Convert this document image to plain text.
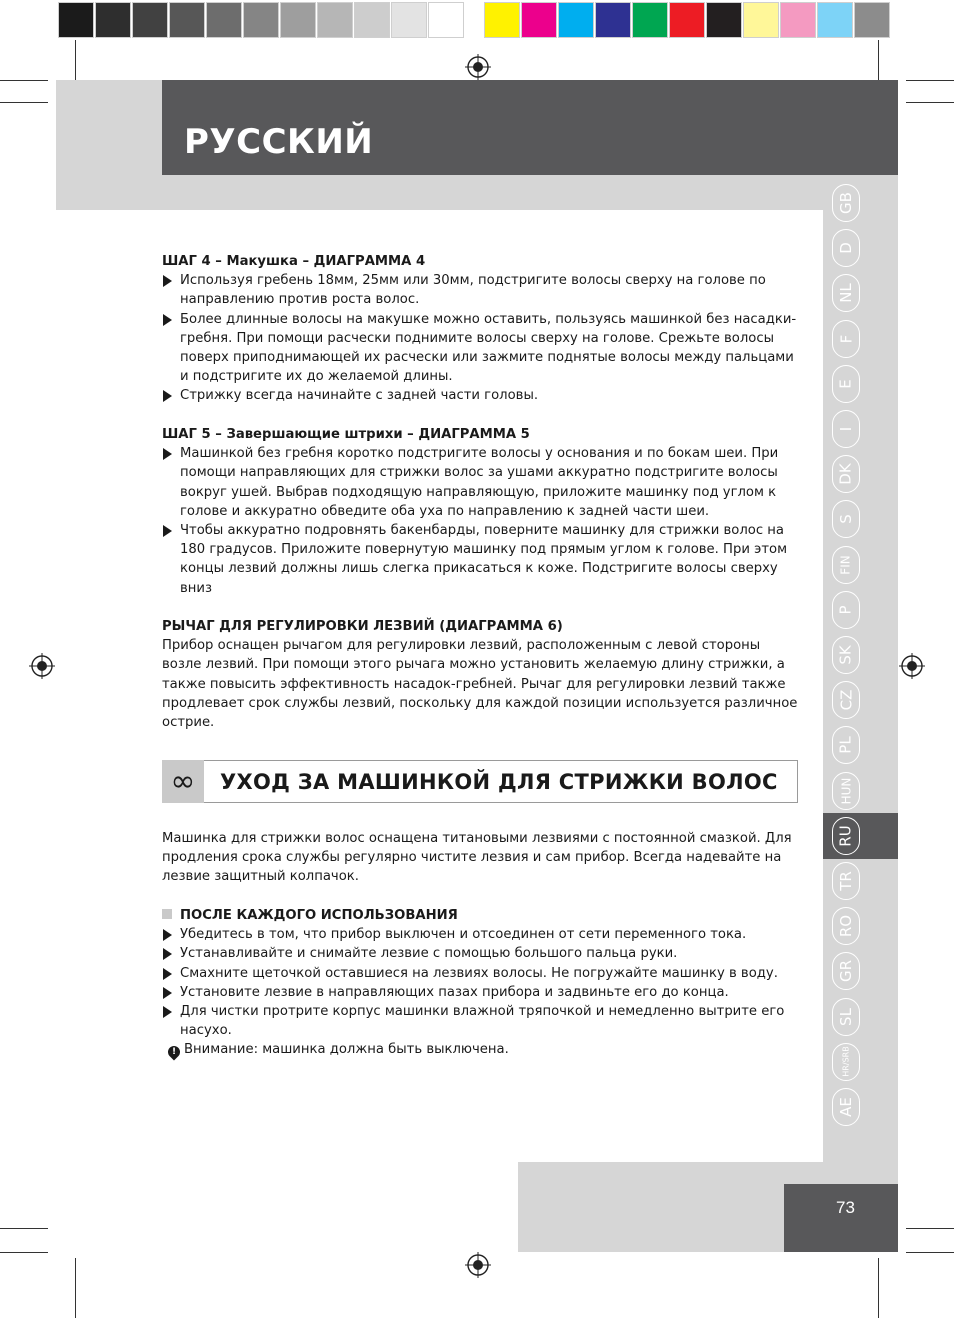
РУССКИЙ
GB
D
NL
F
E
I
DK
S
FIN
P
SK
CZ
PL
HUN
RU
TR
RO
GR
SL
HR/SRB
AE
73
ШАГ 4 – Макушка – ДИАГРАММА 4
Используя гребень 18мм, 25мм или 30мм, подстригите волосы сверху на голове по направлению против роста волос.
Более длинные волосы на макушке можно оставить, пользуясь машинкой без насадки-гребня. При помощи расчески поднимите волосы сверху на голове. Срежьте волосы поверх приподнимающей их расчески или зажмите поднятые волосы между пальцами и подстригите их до желаемой длины.
Стрижку всегда начинайте с задней части головы.
ШАГ 5 – Завершающие штрихи – ДИАГРАММА 5
Машинкой без гребня коротко подстригите волосы у основания и по бокам шеи. При помощи направляющих для стрижки волос за ушами аккуратно подстригите волосы вокруг ушей. Выбрав подходящую направляющую, приложите машинку под углом к голове и аккуратно обведите оба уха по направлению к задней части шеи.
Чтобы аккуратно подровнять бакенбарды, поверните машинку для стрижки волос на 180 градусов. Приложите повернутую машинку под прямым углом к голове. При этом концы лезвий должны лишь слегка прикасаться к коже. Подстригите волосы сверху вниз
РЫЧАГ ДЛЯ РЕГУЛИРОВКИ ЛЕЗВИЙ (ДИАГРАММА 6)
Прибор оснащен рычагом для регулировки лезвий, расположенным с левой стороны возле лезвий. При помощи этого рычага можно установить желаемую длину стрижки, а также повысить эффективность насадок-гребней. Рычаг для регулировки лезвий также продлевает срок службы лезвий, поскольку для каждой позиции используется различное острие.
∞	УХОД ЗА МАШИНКОЙ ДЛЯ СТРИЖКИ ВОЛОС
Машинка для стрижки волос оснащена титановыми лезвиями с постоянной смазкой. Для продления срока службы регулярно чистите лезвия и сам прибор. Всегда надевайте на лезвие защитный колпачок.
ПОСЛЕ КАЖДОГО ИСПОЛЬЗОВАНИЯ
Убедитесь в том, что прибор выключен и отсоединен от сети переменного тока.
Устанавливайте и снимайте лезвие с помощью большого пальца руки.
Смахните щеточкой оставшиеся на лезвиях волосы. Не погружайте машинку в воду.
Установите лезвие в направляющих пазах прибора и задвиньте его до конца.
Для чистки протрите корпус машинки влажной тряпочкой и немедленно вытрите его насухо.
! Внимание: машинка должна быть выключена.
